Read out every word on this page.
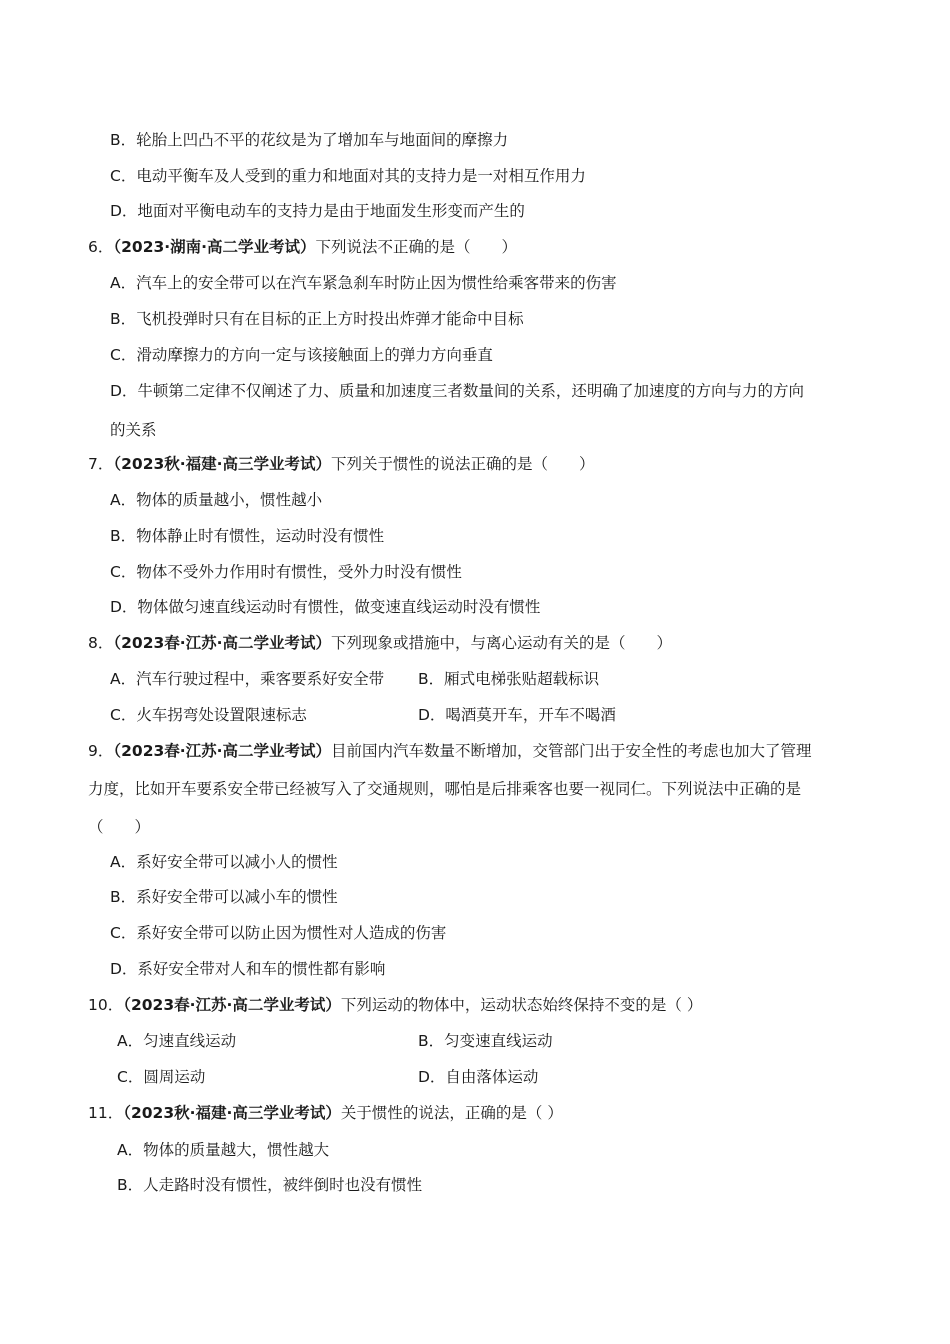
B．轮胎上凹凸不平的花纹是为了增加车与地面间的摩擦力
C．电动平衡车及人受到的重力和地面对其的支持力是一对相互作用力
D．地面对平衡电动车的支持力是由于地面发生形变而产生的
6．（2023·湖南·高二学业考试）下列说法不正确的是（　　）
A．汽车上的安全带可以在汽车紧急刹车时防止因为惯性给乘客带来的伤害
B．飞机投弹时只有在目标的正上方时投出炸弹才能命中目标
C．滑动摩擦力的方向一定与该接触面上的弹力方向垂直
D．牛顿第二定律不仅阐述了力、质量和加速度三者数量间的关系，还明确了加速度的方向与力的方向
的关系
7．（2023秋·福建·高三学业考试）下列关于惯性的说法正确的是（　　）
A．物体的质量越小，惯性越小
B．物体静止时有惯性，运动时没有惯性
C．物体不受外力作用时有惯性，受外力时没有惯性
D．物体做匀速直线运动时有惯性，做变速直线运动时没有惯性
8．（2023春·江苏·高二学业考试）下列现象或措施中，与离心运动有关的是（　　）
A．汽车行驶过程中，乘客要系好安全带 B．厢式电梯张贴超载标识
C．火车拐弯处设置限速标志	D．喝酒莫开车，开车不喝酒
9．（2023春·江苏·高二学业考试）目前国内汽车数量不断增加，交管部门出于安全性的考虑也加大了管理
力度，比如开车要系安全带已经被写入了交通规则，哪怕是后排乘客也要一视同仁。下列说法中正确的是
（　　）
A．系好安全带可以减小人的惯性
B．系好安全带可以减小车的惯性
C．系好安全带可以防止因为惯性对人造成的伤害
D．系好安全带对人和车的惯性都有影响
10．（2023春·江苏·高二学业考试）下列运动的物体中，运动状态始终保持不变的是（ ）
A．匀速直线运动	B．匀变速直线运动
C．圆周运动	D．自由落体运动
11．（2023秋·福建·高三学业考试）关于惯性的说法，正确的是（ ）
A．物体的质量越大，惯性越大
B．人走路时没有惯性，被绊倒时也没有惯性
